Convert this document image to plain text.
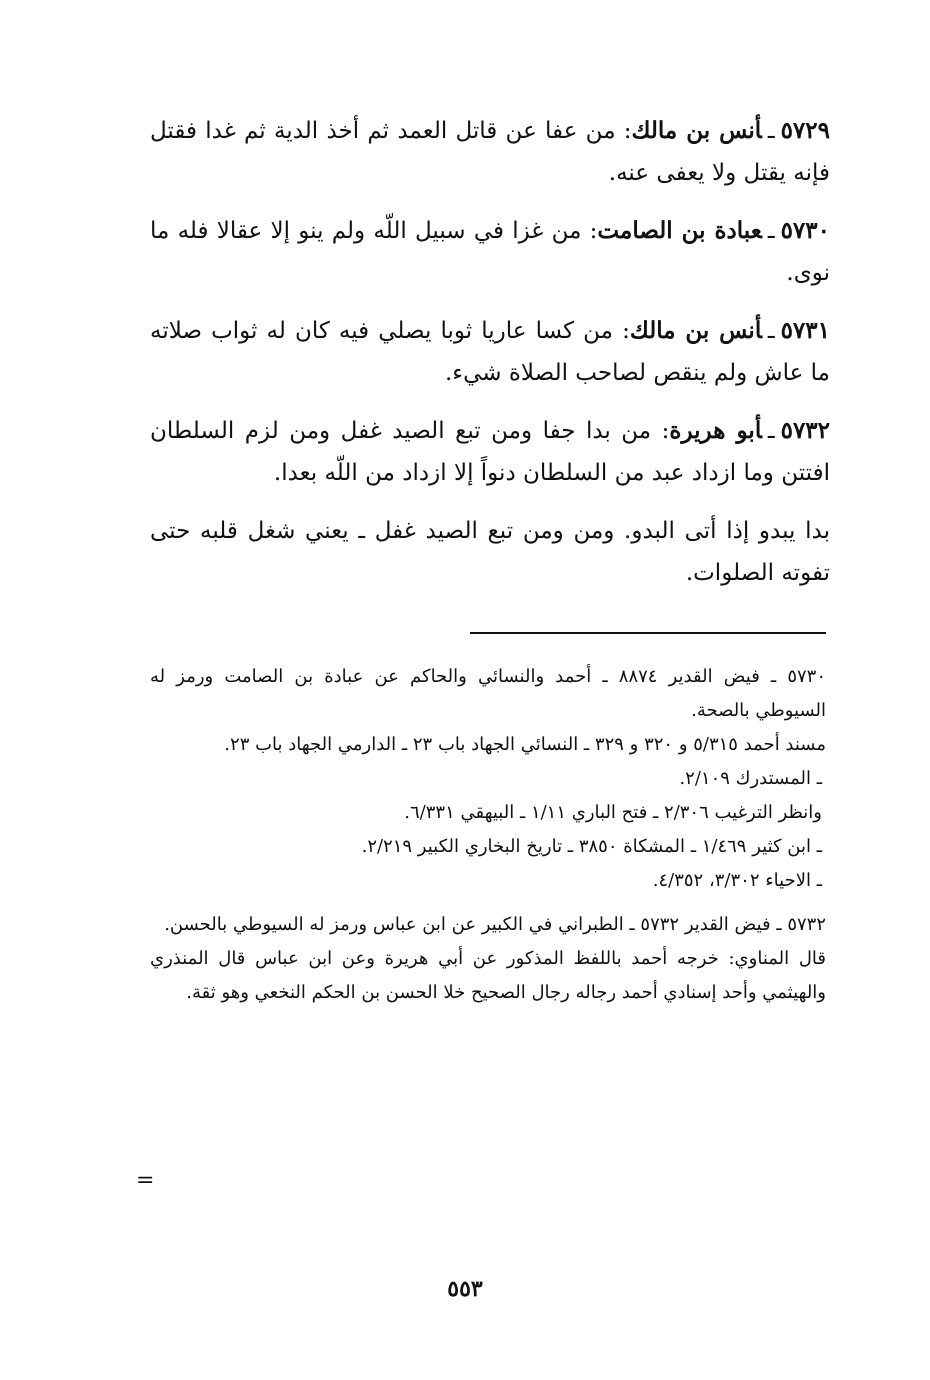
٥٧٢٩ـأنس بن مالك: من عفا عن قاتل العمد ثم أخذ الدية ثم غدا فقتل فإنه يقتل ولا يعفى عنه.

٥٧٣٠ـعبادة بن الصامت: من غزا في سبيل اللّه ولم ينو إلا عقالا فله ما نوى.

٥٧٣١ـأنس بن مالك: من كسا عاريا ثوبا يصلي فيه كان له ثواب صلاته ما عاش ولم ينقص لصاحب الصلاة شيء.

٥٧٣٢ـأبو هريرة: من بدا جفا ومن تبع الصيد غفل ومن لزم السلطان افتتن وما ازداد عبد من السلطان دنواً إلا ازداد من اللّه بعدا.

بدا يبدو إذا أتى البدو. ومن ومن تبع الصيد غفل ـ يعني شغل قلبه حتى تفوته الصلوات.

٥٧٣٠ ـ فيض القدير ٨٨٧٤ ـ أحمد والنسائي والحاكم عن عبادة بن الصامت ورمز له السيوطي بالصحة.
مسند أحمد ٥/٣١٥ و ٣٢٠ و ٣٢٩ ـ النسائي الجهاد باب ٢٣ ـ الدارمي الجهاد باب ٢٣.
ـ المستدرك ٢/١٠٩.
وانظر الترغيب ٢/٣٠٦ ـ فتح الباري ١/١١ ـ البيهقي ٦/٣٣١.
ـ ابن كثير ١/٤٦٩ ـ المشكاة ٣٨٥٠ ـ تاريخ البخاري الكبير ٢/٢١٩.
ـ الاحياء ٣/٣٠٢، ٤/٣٥٢.
٥٧٣٢ ـ فيض القدير ٥٧٣٢ ـ الطبراني في الكبير عن ابن عباس ورمز له السيوطي بالحسن.
قال المناوي: خرجه أحمد باللفظ المذكور عن أبي هريرة وعن ابن عباس قال المنذري والهيثمي وأحد إسنادي أحمد رجاله رجال الصحيح خلا الحسن بن الحكم النخعي وهو ثقة.
=
٥٥٣
